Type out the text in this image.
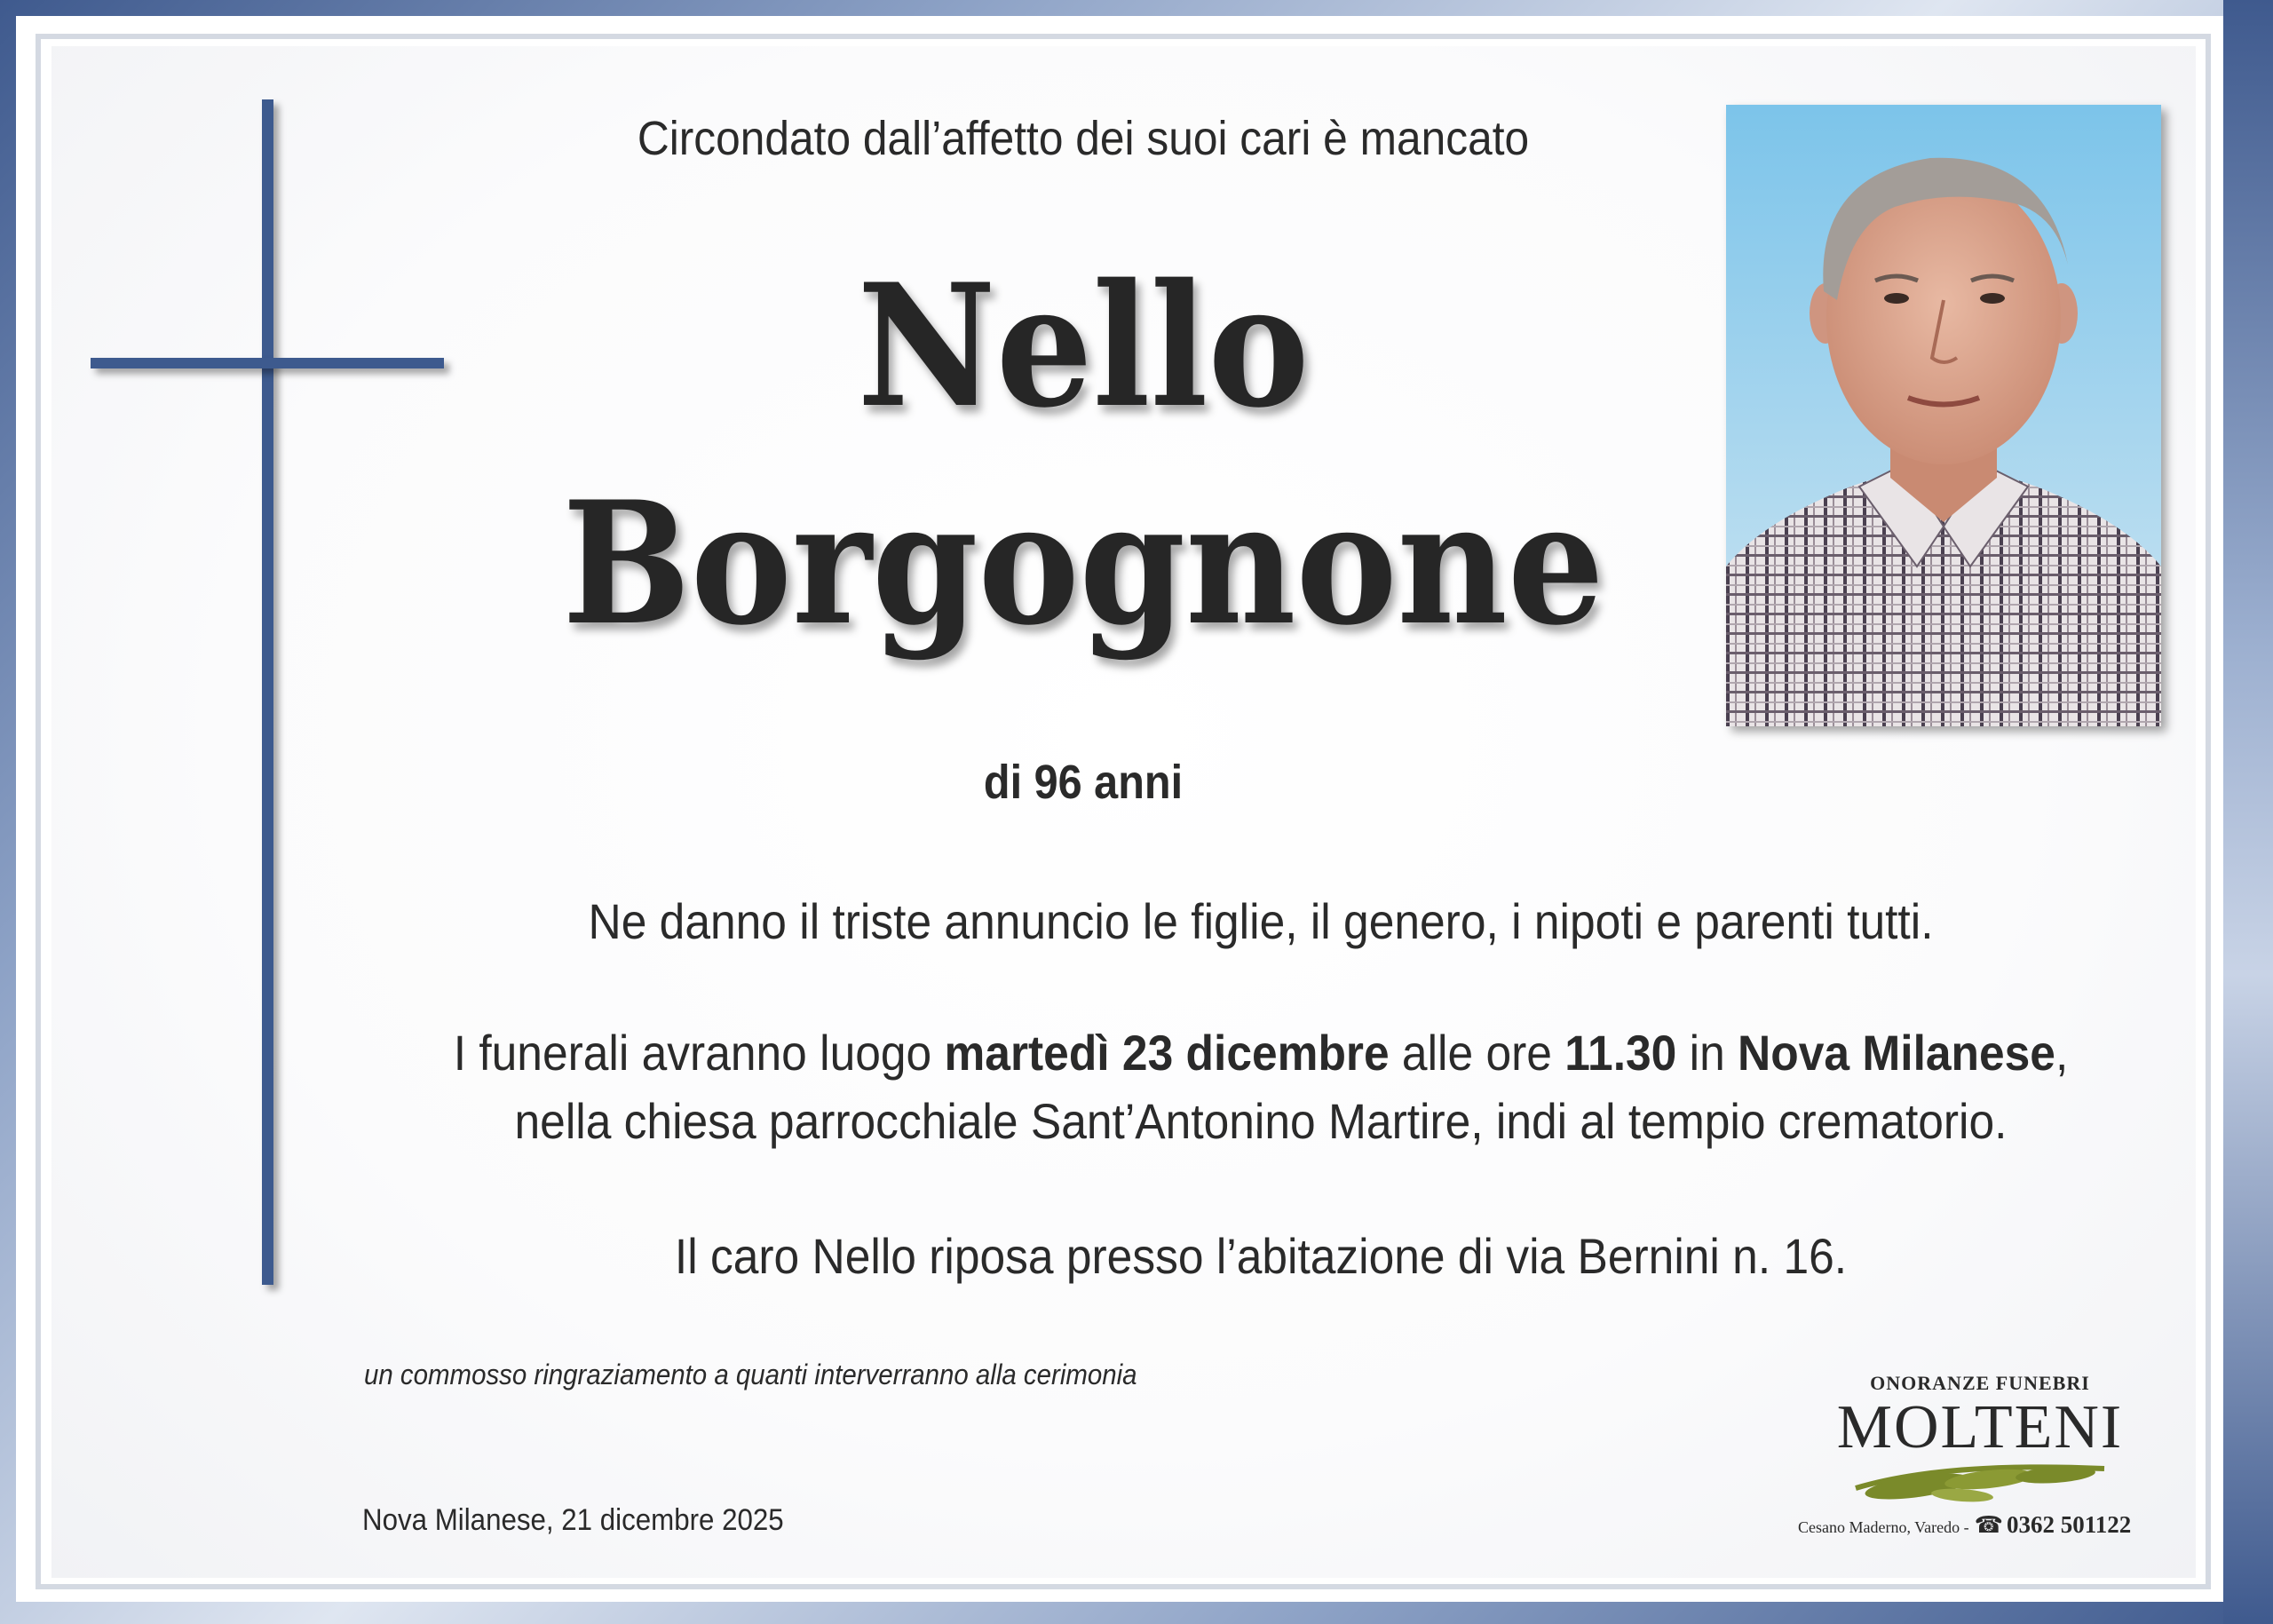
Circondato dall’affetto dei suoi cari è mancato
Nello
Borgognone
di 96 anni
Ne danno il triste annuncio le figlie, il genero, i nipoti e parenti tutti.
I funerali avranno luogo martedì 23 dicembre alle ore 11.30 in Nova Milanese,
nella chiesa parrocchiale Sant’Antonino Martire, indi al tempio crematorio.
Il caro Nello riposa presso l’abitazione di via Bernini n. 16.
un commosso ringraziamento a quanti interverranno alla cerimonia
Nova Milanese, 21 dicembre 2025
ONORANZE FUNEBRI
MOLTENI
Cesano Maderno, Varedo - ☎ 0362 501122
